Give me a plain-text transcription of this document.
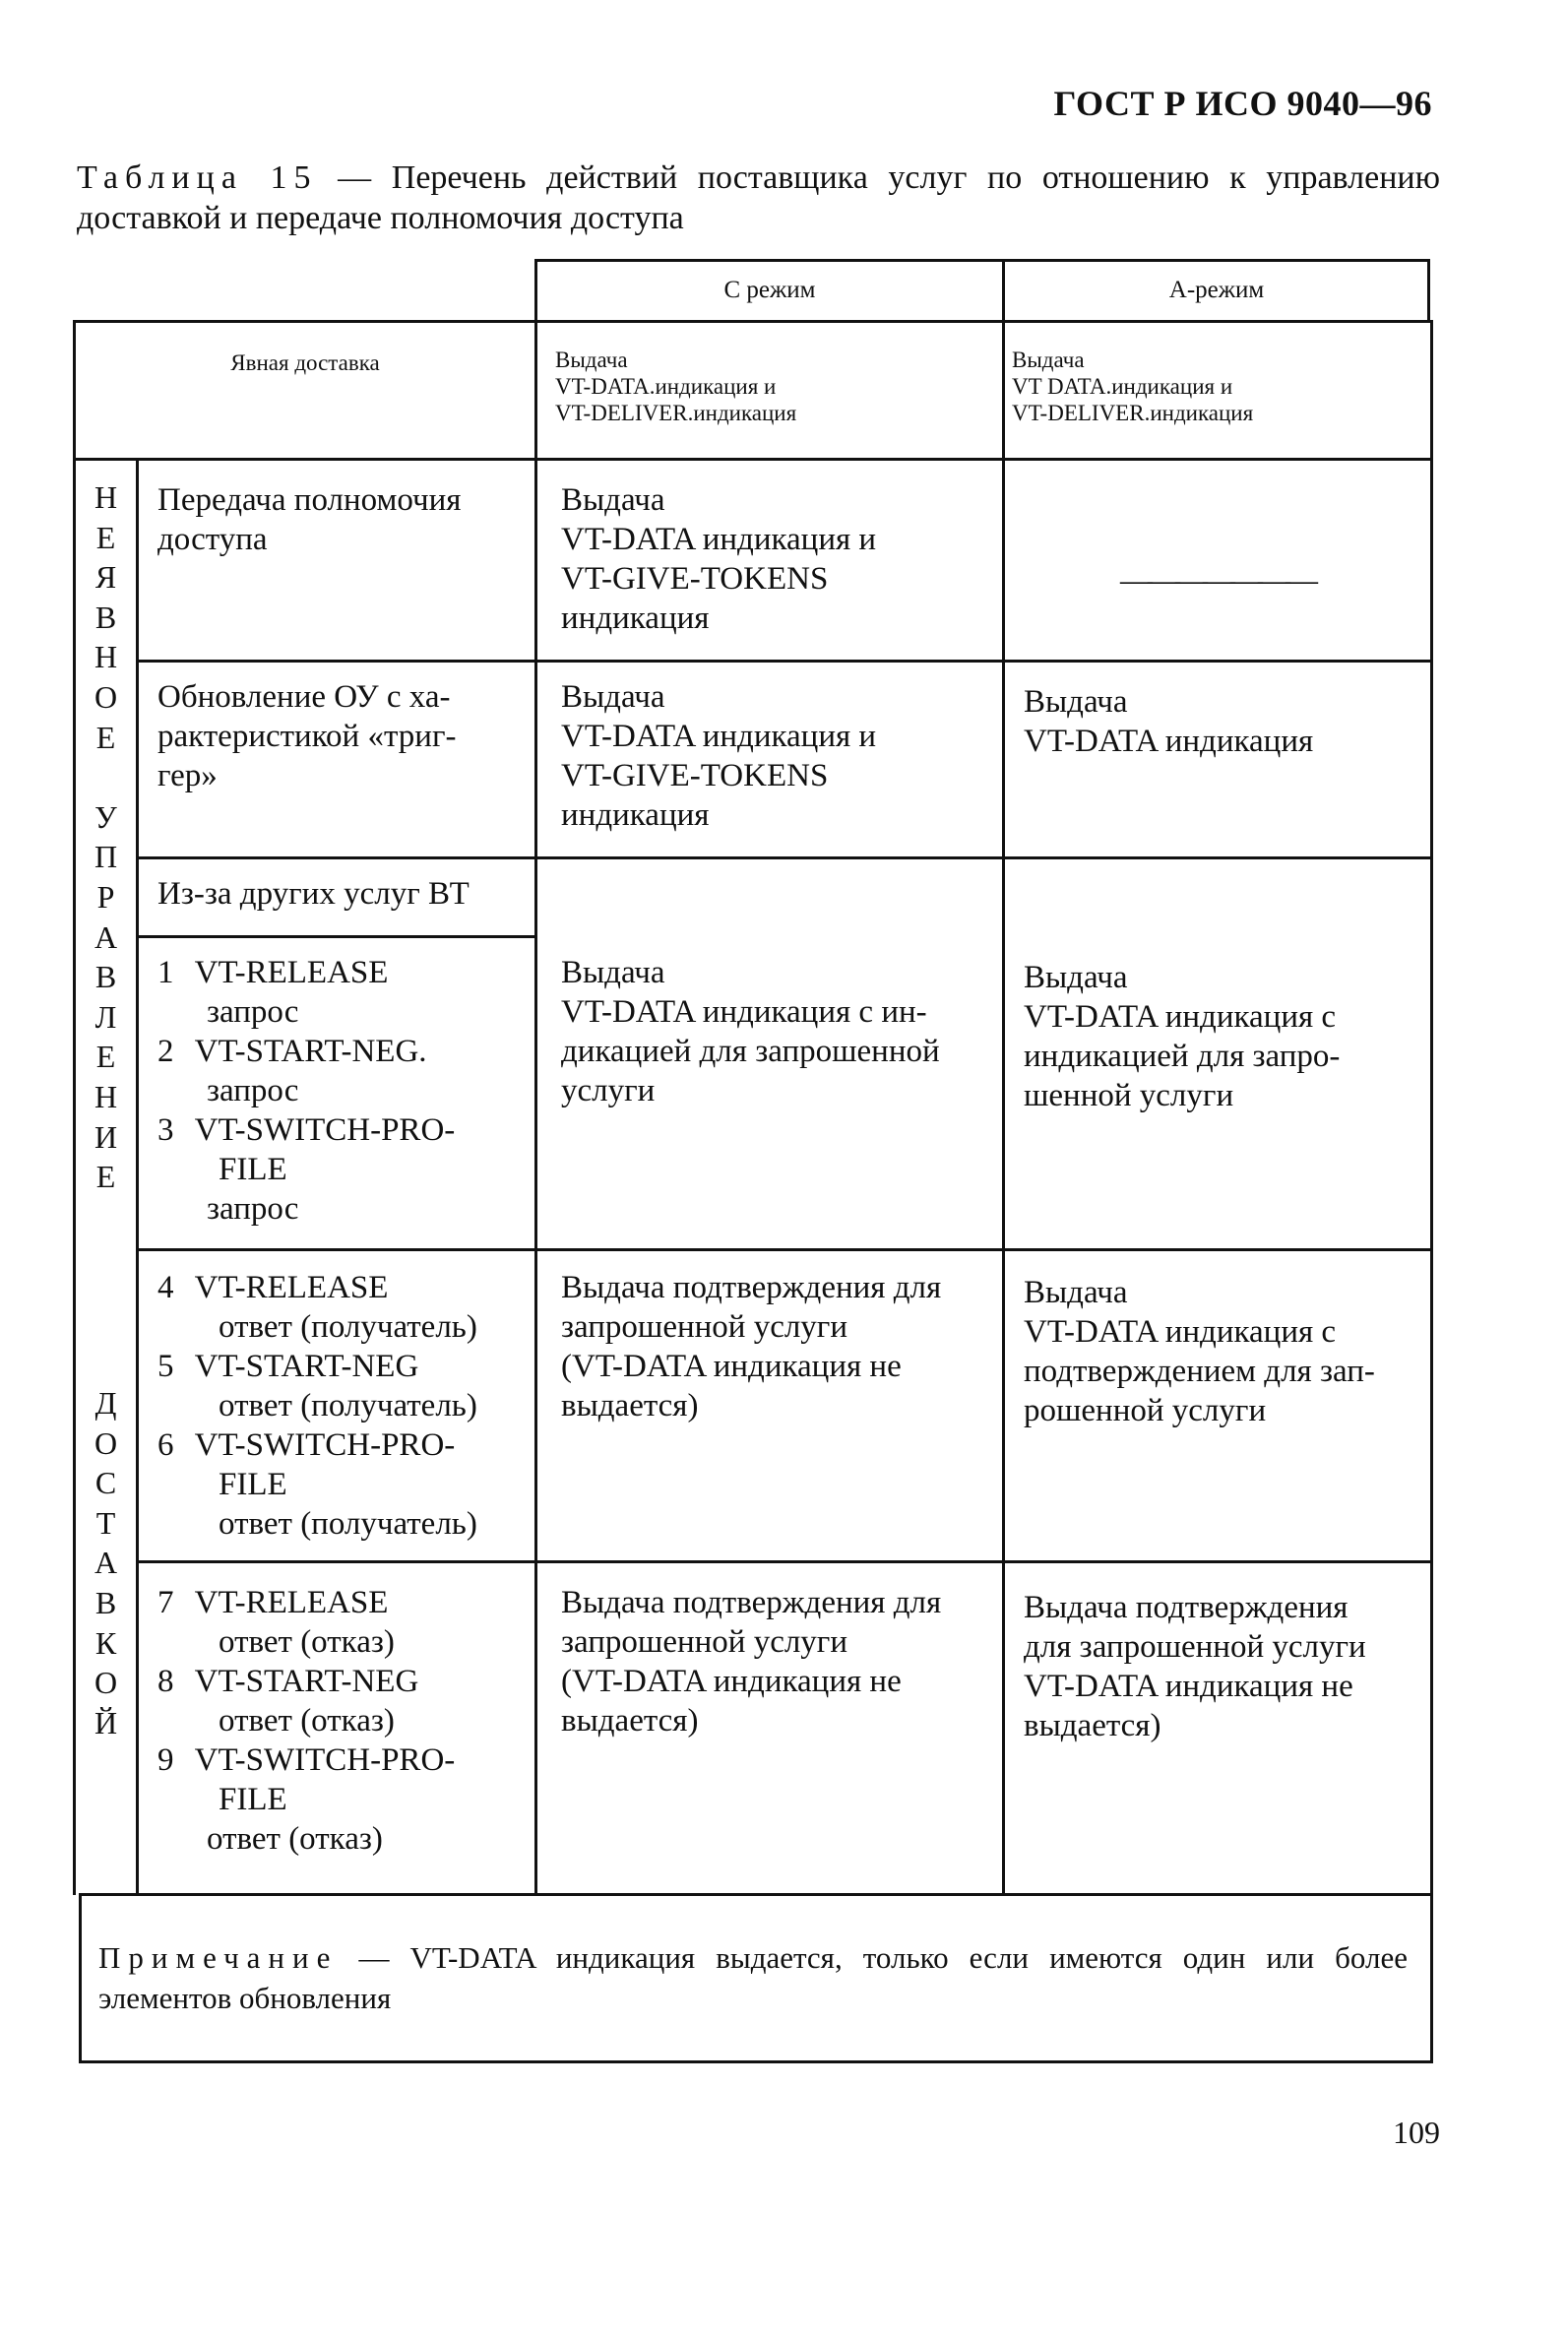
ГОСТ Р ИСО 9040—96
Таблица 15 — Перечень действий поставщика услуг по отношению к управлению доставкой и передаче полномочия доступа
С режим	А-режим
Явная доставка	Выдача
VT-DATA.индикация и
VT-DELIVER.индикация
Выдача
VT DATA.индикация и
VT-DELIVER.индикация
Н
Е
Я
В
Н
О
Е
У
П
Р
А
В
Л
Е
Н
И
Е
Д
О
С
Т
А
В
К
О
Й
Передача полномочия
доступа
Выдача
VT-DATA индикация и
VT-GIVE-TOKENS
индикация
———————
Обновление ОУ с ха-
рактеристикой «триг-
гер»
Выдача
VT-DATA индикация и
VT-GIVE-TOKENS
индикация
Выдача
VT-DATA индикация
Из-за других услуг ВТ
1 VT-RELEASE
запрос
2 VT-START-NEG.
запрос
3 VT-SWITCH-PRO-
FILE
запрос
Выдача
VT-DATA индикация с ин-
дикацией для запрошенной
услуги
Выдача
VT-DATA индикация с
индикацией для запро-
шенной услуги
4 VT-RELEASE
ответ (получатель)
5 VT-START-NEG
ответ (получатель)
6 VT-SWITCH-PRO-
FILE
ответ (получатель)
Выдача подтверждения для
запрошенной услуги
(VT-DATA индикация не
выдается)
Выдача
VT-DATA индикация с
подтверждением для зап-
рошенной услуги
7 VT-RELEASE
ответ (отказ)
8 VT-START-NEG
ответ (отказ)
9 VT-SWITCH-PRO-
FILE
ответ (отказ)
Выдача подтверждения для
запрошенной услуги
(VT-DATA индикация не
выдается)
Выдача подтверждения
для запрошенной услуги
VT-DATA индикация не
выдается)
Примечание — VT-DATA индикация выдается, только если имеются один или более элементов обновления
109
